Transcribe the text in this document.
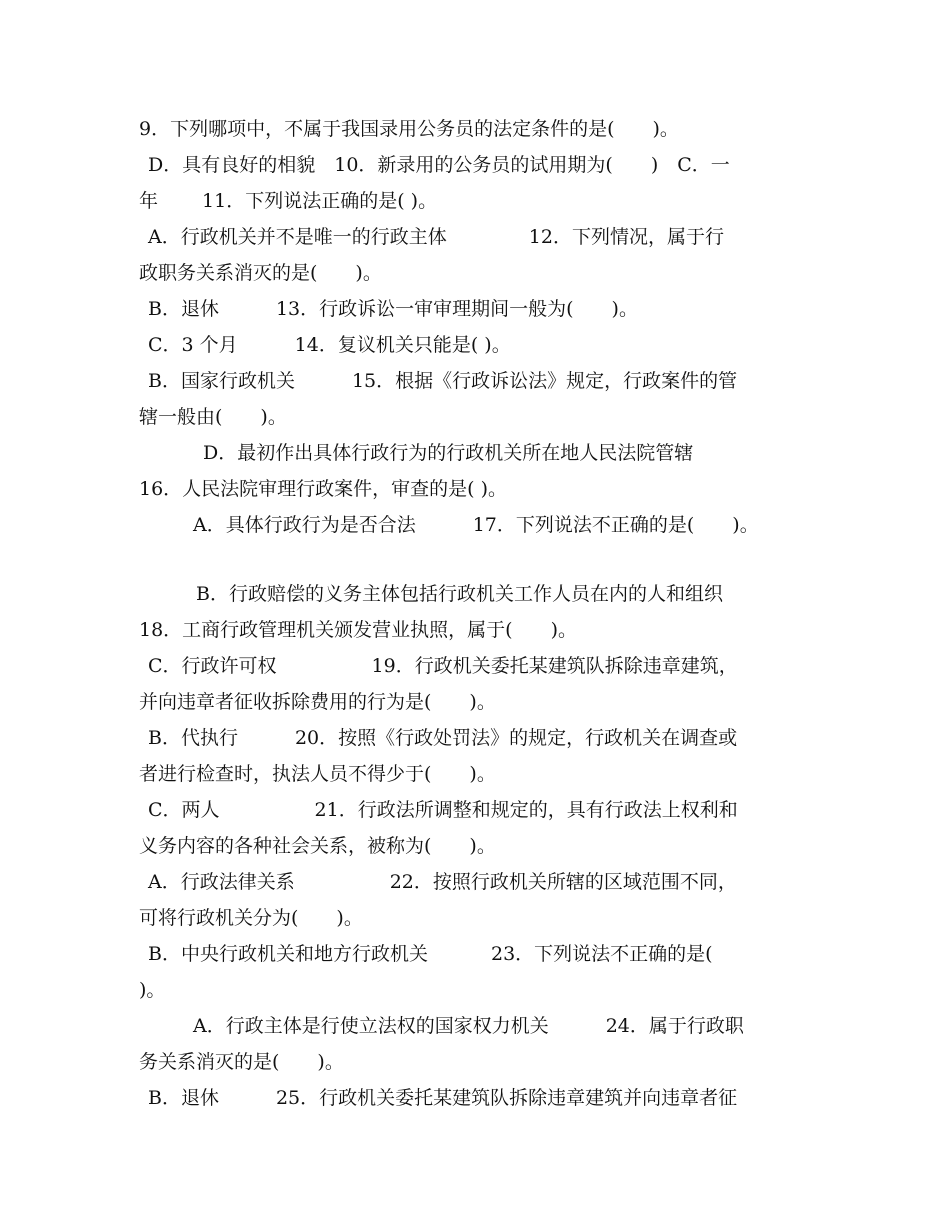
9．下列哪项中，不属于我国录用公务员的法定条件的是(　　)。
D．具有良好的相貌　10．新录用的公务员的试用期为(　　)　C．一
年　　 11．下列说法正确的是( )。
A．行政机关并不是唯一的行政主体　　　　 12．下列情况，属于行
政职务关系消灭的是(　　)。
B．退休　　　13．行政诉讼一审审理期间一般为(　　)。
C．3 个月　　　14．复议机关只能是( )。
B．国家行政机关　　　15．根据《行政诉讼法》规定，行政案件的管
辖一般由(　　)。
D．最初作出具体行政行为的行政机关所在地人民法院管辖
16．人民法院审理行政案件，审查的是( )。
A．具体行政行为是否合法　　　17．下列说法不正确的是(　　)。
B．行政赔偿的义务主体包括行政机关工作人员在内的人和组织
18．工商行政管理机关颁发营业执照，属于(　　)。
C．行政许可权　　　　　19．行政机关委托某建筑队拆除违章建筑，
并向违章者征收拆除费用的行为是(　　)。
B．代执行　　　20．按照《行政处罚法》的规定，行政机关在调查或
者进行检查时，执法人员不得少于(　　)。
C．两人　　　　　21．行政法所调整和规定的，具有行政法上权利和
义务内容的各种社会关系，被称为(　　)。
A．行政法律关系　　　　　22．按照行政机关所辖的区域范围不同，
可将行政机关分为(　　)。
B．中央行政机关和地方行政机关　　　 23．下列说法不正确的是(
)。
A．行政主体是行使立法权的国家权力机关　　　24．属于行政职
务关系消灭的是(　　)。
B．退休　　　25．行政机关委托某建筑队拆除违章建筑并向违章者征
